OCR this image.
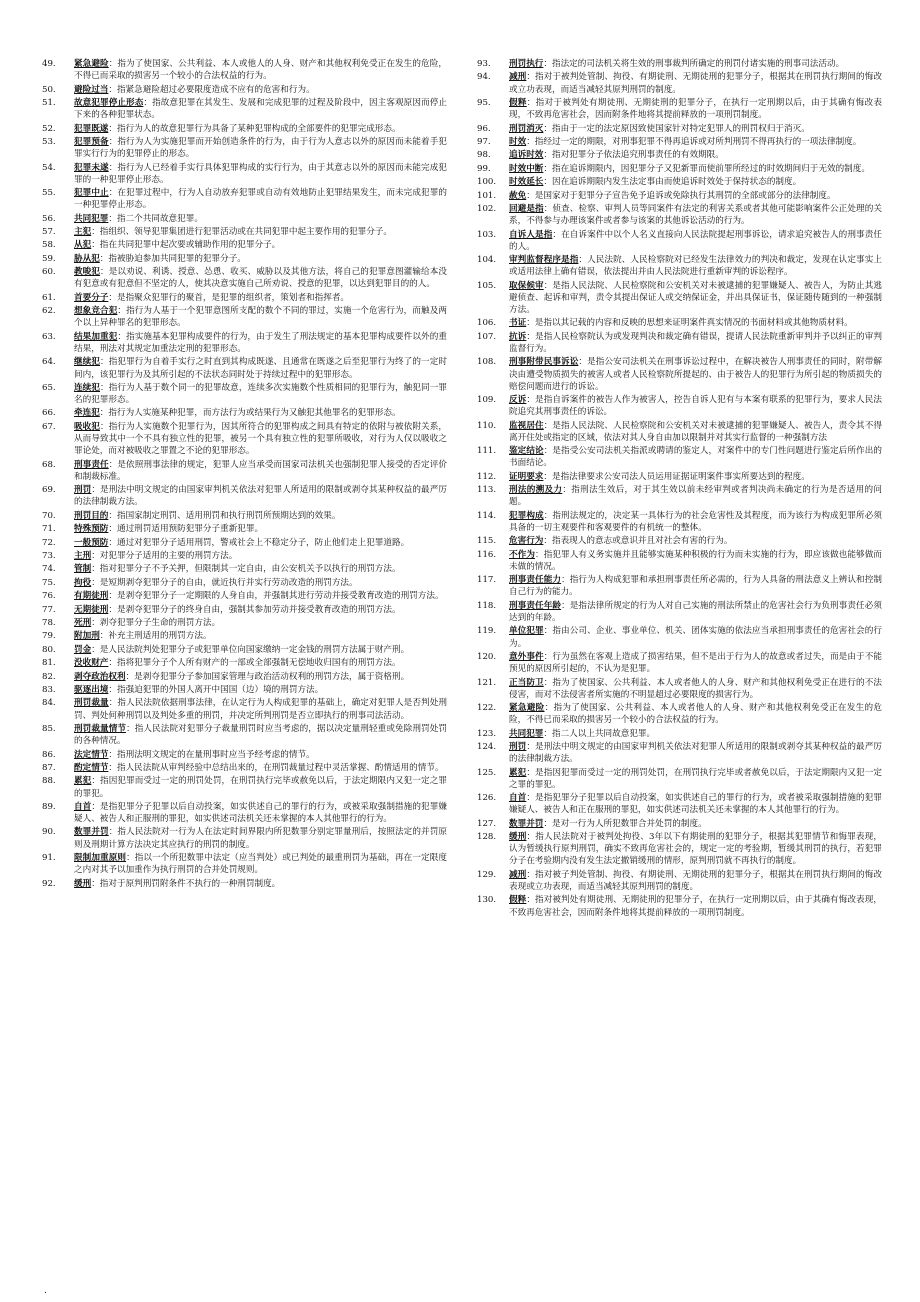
49.	紧急避险：指为了使国家、公共利益、本人或他人的人身、财产和其他权利免受正在发生的危险，不得已而采取的损害另一个较小的合法权益的行为。
50.	避险过当：指紧急避险超过必要限度造成不应有的危害和行为。
51.	故意犯罪停止形态：指故意犯罪在其发生、发展和完成犯罪的过程及阶段中，因主客观原因而停止下来的各种犯罪状态。
52.	犯罪既遂：指行为人的故意犯罪行为具备了某种犯罪构成的全部要件的犯罪完成形态。
53.	犯罪预备：指行为人为实施犯罪而开始创造条件的行为，由于行为人意志以外的原因而未能着手犯罪实行行为的犯罪停止的形态。
54.	犯罪未遂：指行为人已经着手实行具体犯罪构成的实行行为，由于其意志以外的原因而未能完成犯罪的一种犯罪停止形态。
55.	犯罪中止：在犯罪过程中，行为人自动放弃犯罪或自动有效地防止犯罪结果发生，而未完成犯罪的一种犯罪停止形态。
56.	共同犯罪：指二个共同故意犯罪。
57.	主犯：指组织、领导犯罪集团进行犯罪活动或在共同犯罪中起主要作用的犯罪分子。
58.	从犯：指在共同犯罪中起次要或辅助作用的犯罪分子。
59.	胁从犯：指被胁迫参加共同犯罪的犯罪分子。
60.	教唆犯：是以劝说、利诱、授意、怂恿、收买、威胁以及其他方法，将自己的犯罪意图灌输给本没有犯意或有犯意但不坚定的人，使其决意实施自己所劝说、授意的犯罪，以达到犯罪目的的人。
61.	首要分子：是指聚众犯罪行的聚首，是犯罪的组织者，策划者和指挥者。
62.	想象竞合犯：指行为人基于一个犯罪意图所支配的数个不同的罪过，实施一个危害行为，而触及两个以上异种罪名的犯罪形态。
63.	结果加重犯：指实施基本犯罪构成要件的行为，由于发生了刑法规定的基本犯罪构成要件以外的重结果，刑法对其规定加重法定刑的犯罪形态。
64.	继续犯：指犯罪行为自着手实行之时直到其构成既遂、且通常在既遂之后至犯罪行为终了的一定时间内，该犯罪行为及其所引起的不法状态同时处于持续过程中的犯罪形态。
65.	连续犯：指行为人基于数个同一的犯罪故意，连续多次实施数个性质相同的犯罪行为，触犯同一罪名的犯罪形态。
66.	牵连犯：指行为人实施某种犯罪，而方法行为或结果行为又触犯其他罪名的犯罪形态。
67.	吸收犯：指行为人实施数个犯罪行为，因其所符合的犯罪构成之间具有特定的依附与被依附关系，从而导致其中一个不具有独立性的犯罪，被另一个具有独立性的犯罪所吸收，对行为人仅以吸收之罪论处，而对被吸收之罪置之不论的犯罪形态。
68.	刑事责任：是依照刑事法律的规定，犯罪人应当承受而国家司法机关也强制犯罪人接受的否定评价和制裁标准。
69.	刑罚：是刑法中明文规定的由国家审判机关依法对犯罪人所适用的限制或剥夺其某种权益的最严厉的法律制裁方法。
70.	刑罚目的：指国家制定刑罚、适用刑罚和执行刑罚所预期达到的效果。
71.	特殊预防：通过刑罚适用预防犯罪分子重新犯罪。
72.	一般预防：通过对犯罪分子适用刑罚，警戒社会上不稳定分子，防止他们走上犯罪道路。
73.	主刑：对犯罪分子适用的主要的刑罚方法。
74.	管制：指对犯罪分子不予关押，但限制其一定自由，由公安机关予以执行的刑罚方法。
75.	拘役：是短期剥夺犯罪分子的自由，就近执行并实行劳动改造的刑罚方法。
76.	有期徒刑：是剥夺犯罪分子一定期限的人身自由，并强制其进行劳动并接受教育改造的刑罚方法。
77.	无期徒刑：是剥夺犯罪分子的终身自由，强制其参加劳动并接受教育改造的刑罚方法。
78.	死刑：剥夺犯罪分子生命的刑罚方法。
79.	附加刑：补充主刑适用的刑罚方法。
80.	罚金：是人民法院判处犯罪分子或犯罪单位向国家缴纳一定金钱的刑罚方法属于财产刑。
81.	没收财产：指将犯罪分子个人所有财产的一部或全部强制无偿地收归国有的刑罚方法。
82.	剥夺政治权利：是剥夺犯罪分子参加国家管理与政治活动权利的刑罚方法，属于资格刑。
83.	驱逐出境：指强迫犯罪的外国人离开中国国（边）境的刑罚方法。
84.	刑罚裁量：指人民法院依据刑事法律，在认定行为人构成犯罪的基础上，确定对犯罪人是否判处刑罚、判处何种刑罚以及判处多重的刑罚，并决定所判刑罚是否立即执行的刑事司法活动。
85.	刑罚裁量情节：指人民法院对犯罪分子裁量刑罚时应当考虑的，据以决定量刑轻重或免除刑罚处罚的各种情况。
86.	法定情节：指刑法明文规定的在量刑事时应当予经考虑的情节。
87.	酌定情节：指人民法院从审判经验中总结出来的，在刑罚裁量过程中灵活掌握、酌情适用的情节。
88.	累犯：指因犯罪而受过一定的刑罚处罚，在刑罚执行完毕或赦免以后，于法定期限内又犯一定之罪的罪犯。
89.	自首：是指犯罪分子犯罪以后自动投案，如实供述自己的罪行的行为，或被采取强制措施的犯罪嫌疑人、被告人和正服刑的罪犯，如实供述司法机关还未掌握的本人其他罪行的行为。
90.	数罪并罚：指人民法院对一行为人在法定时间界限内所犯数罪分别定罪量刑后，按照法定的并罚原则及刑期计算方法决定其应执行的刑罚的制度。
91.	限制加重原则：指以一个所犯数罪中法定（应当判处）或已判处的最重刑罚为基础，再在一定限度之内对其予以加重作为执行刑罚的合并处罚规则。
92.	缓刑：指对于原判刑罚附条件不执行的一种刑罚制度。
93.	刑罚执行：指法定的司法机关将生效的刑事裁判所确定的刑罚付诸实施的刑事司法活动。
94.	减刑：指对于被判处管制、拘役、有期徒刑、无期徒刑的犯罪分子，根据其在刑罚执行期间的悔改或立功表现，而适当减轻其原判刑罚的制度。
95.	假释：指对于被判处有期徒刑、无期徒刑的犯罪分子，在执行一定刑期以后，由于其确有悔改表现，不致再危害社会，因而附条件地将其提前释放的一项刑罚制度。
96.	刑罚消灭：指由于一定的法定原因致使国家针对特定犯罪人的刑罚权归于消灭。
97.	时效：指经过一定的期限，对刑事犯罪不得再追诉或对所判刑罚不得再执行的一项法律制度。
98.	追诉时效：指对犯罪分子依法追究刑事责任的有效期限。
99.	时效中断：指在追诉期限内，因犯罪分子又犯新罪而使前罪所经过的时效期间归于无效的制度。
100.	时效延长：因在追诉期限内发生法定事由而使追诉时效处于保持状态的制度。
101.	赦免：是国家对于犯罪分子宣告免予追诉或免除执行其刑罚的全部或部分的法律制度。
102.	回避是指：侦查、检察、审判人员等同案件有法定的利害关系或者其他可能影响案件公正处理的关系，不得参与办理该案件或者参与该案的其他诉讼活动的行为。
103.	自诉人是指：在自诉案件中以个人名义直接向人民法院提起刑事诉讼，请求追究被告人的刑事责任的人。
104.	审判监督程序是指：人民法院、人民检察院对已经发生法律效力的判决和裁定，发现在认定事实上或适用法律上确有错误，依法提出并由人民法院进行重新审判的诉讼程序。
105.	取保候审：是指人民法院、人民检察院和公安机关对未被逮捕的犯罪嫌疑人、被告人，为防止其逃避侦查、起诉和审判，责令其提出保证人或交纳保证金，并出具保证书，保证随传随到的一种强制方法。
106.	书证：是指以其记载的内容和反映的思想来证明案件真实情况的书面材料或其他物质材料。
107.	抗诉：是指人民检察院认为或发现判决和裁定确有错误，提请人民法院重新审判并予以纠正的审判监督行为。
108.	刑事附带民事诉讼：是指公安司法机关在刑事诉讼过程中，在解决被告人刑事责任的同时，附带解决由遭受物质损失的被害人或者人民检察院所提起的、由于被告人的犯罪行为所引起的物质损失的赔偿问题而进行的诉讼。
109.	反诉：是指自诉案件的被告人作为被害人，控告自诉人犯有与本案有联系的犯罪行为，要求人民法院追究其刑事责任的诉讼。
110.	监视居住：是指人民法院、人民检察院和公安机关对未被逮捕的犯罪嫌疑人、被告人，责令其不得离开住处或指定的区域，依法对其人身自由加以限制并对其实行监督的一种强制方法
111.	鉴定结论：是指受公安司法机关指派或聘请的鉴定人，对案件中的专门性问题进行鉴定后所作出的书面结论。
112.	证明要求：是指法律要求公安司法人员运用证据证明案件事实所要达到的程度。
113.	刑法的溯及力：指刑法生效后，对于其生效以前未经审判或者判决尚未确定的行为是否适用的问题。
114.	犯罪构成：指刑法规定的，决定某一具体行为的社会危害性及其程度，而为该行为构成犯罪所必须具备的一切主观要件和客观要件的有机统一的整体。
115.	危害行为：指表现人的意志或意识并且对社会有害的行为。
116.	不作为：指犯罪人有义务实施并且能够实施某种积极的行为而未实施的行为，即应该做也能够做而未做的情况。
117.	刑事责任能力：指行为人构成犯罪和承担刑事责任所必需的，行为人具备的刑法意义上辨认和控制自己行为的能力。
118.	刑事责任年龄：是指法律所规定的行为人对自己实施的刑法所禁止的危害社会行为负刑事责任必须达到的年龄。
119.	单位犯罪：指由公司、企业、事业单位、机关、团体实施的依法应当承担刑事责任的危害社会的行为。
120.	意外事件：行为虽然在客观上造成了损害结果，但不是出于行为人的故意或者过失，而是由于不能预见的原因所引起的，不认为是犯罪。
121.	正当防卫：指为了使国家、公共利益、本人或者他人的人身、财产和其他权利免受正在进行的不法侵害，而对不法侵害者所实施的不明显超过必要限度的损害行为。
122.	紧急避险：指为了使国家、公共利益、本人或者他人的人身、财产和其他权利免受正在发生的危险，不得已而采取的损害另一个较小的合法权益的行为。
123.	共同犯罪：指二人以上共同故意犯罪。
124.	刑罚：是刑法中明文规定的由国家审判机关依法对犯罪人所适用的限制或剥夺其某种权益的最严厉的法律制裁方法。
125.	累犯：是指因犯罪而受过一定的刑罚处罚，在刑罚执行完毕或者赦免以后，于法定期限内又犯一定之罪的罪犯。
126.	自首：是指犯罪分子犯罪以后自动投案，如实供述自己的罪行的行为，或者被采取强制措施的犯罪嫌疑人、被告人和正在服刑的罪犯，如实供述司法机关还未掌握的本人其他罪行的行为。
127.	数罪并罚：是对一行为人所犯数罪合并处罚的制度。
128.	缓刑：指人民法院对于被判处拘役、3年以下有期徒刑的犯罪分子，根据其犯罪情节和悔罪表现，认为暂缓执行原判刑罚，确实不致再危害社会的，规定一定的考验期，暂缓其刑罚的执行，若犯罪分子在考验期内没有发生法定撤销缓刑的情形，原判刑罚就不再执行的制度。
129.	减刑：指对被子判处管制、拘役、有期徒刑、无期徒刑的犯罪分子，根据其在刑罚执行期间的悔改表现或立功表现，而适当减轻其原判刑罚的制度。
130.	假释：指对被判处有期徒刑、无期徒刑的犯罪分子，在执行一定刑期以后，由于其确有悔改表现，不致再危害社会，因而附条件地将其提前释放的一项刑罚制度。
.
